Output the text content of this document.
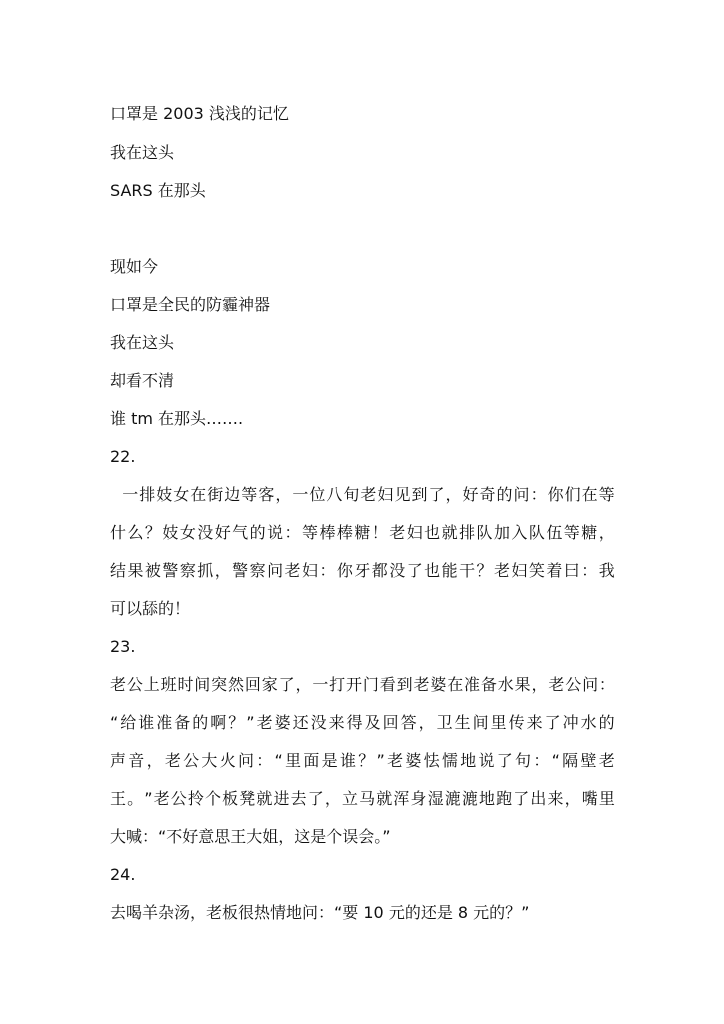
口罩是 2003 浅浅的记忆

我在这头

SARS 在那头

现如今

口罩是全民的防霾神器

我在这头

却看不清

谁 tm 在那头…….

22.

一 排 妓 女 在 街 边 等 客 ， 一 位 八 旬 老 妇 见 到 了 ， 好 奇 的 问 ： 你 们 在 等

什 么 ？ 妓 女 没 好 气 的 说 ： 等 棒 棒 糖 ！ 老 妇 也 就 排 队 加 入 队 伍 等 糖 ，

结 果 被 警 察 抓 ， 警 察 问 老 妇 ： 你 牙 都 没 了 也 能 干 ？ 老 妇 笑 着 曰 ： 我

可以舔的！

23.

老 公 上 班 时 间 突 然 回 家 了 ， 一 打 开 门 看 到 老 婆 在 准 备 水 果 ， 老 公 问 ：

“ 给 谁 准 备 的 啊 ？ ” 老 婆 还 没 来 得 及 回 答 ， 卫 生 间 里 传 来 了 冲 水 的

声 音 ， 老 公 大 火 问 ： “ 里 面 是 谁 ？ ” 老 婆 怯 懦 地 说 了 句 ： “ 隔 壁 老

王 。 ” 老 公 拎 个 板 凳 就 进 去 了 ， 立 马 就 浑 身 湿 漉 漉 地 跑 了 出 来 ， 嘴 里

大喊：“不好意思王大姐，这是个误会。”

24.

去喝羊杂汤，老板很热情地问：“要 10 元的还是 8 元的？”
